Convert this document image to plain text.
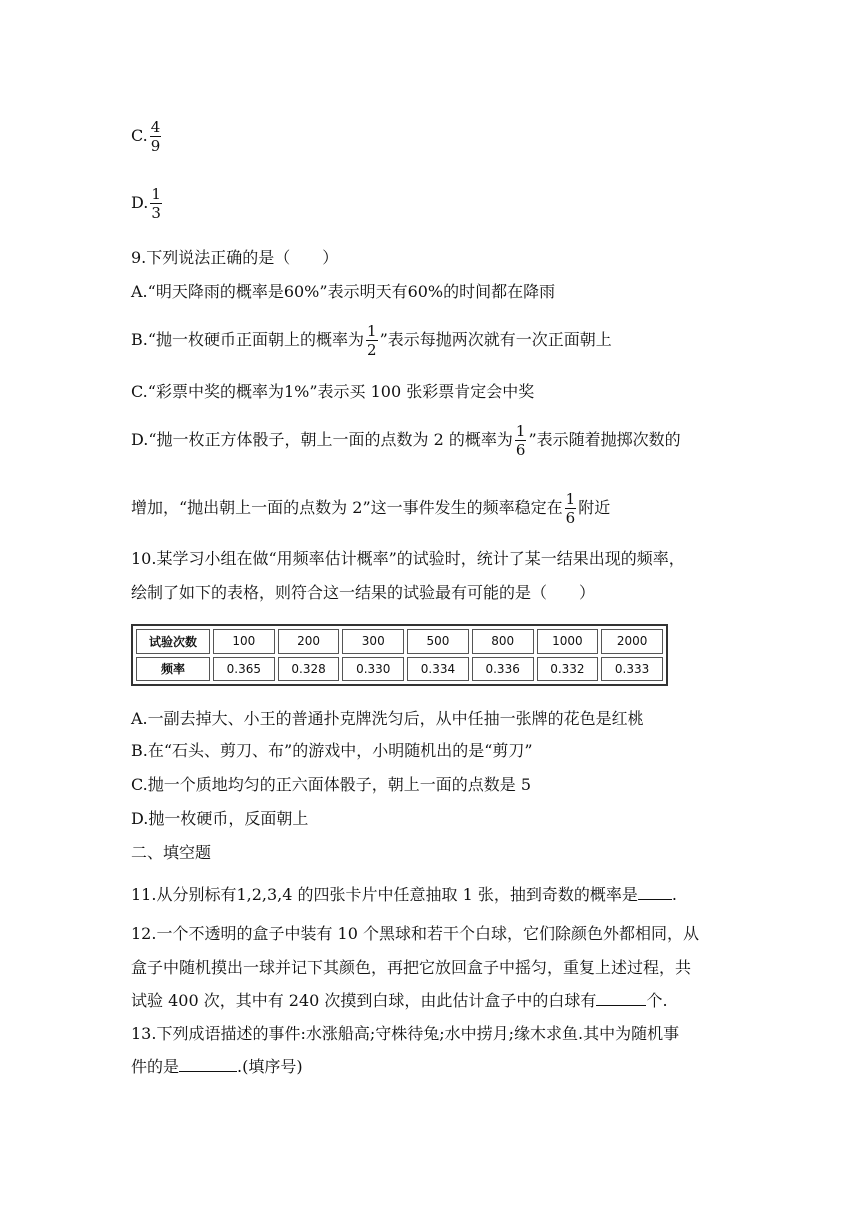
C. $\frac{4}{9}$
D. $\frac{1}{3}$
9.下列说法正确的是（　　）
A.“明天降雨的概率是60%”表示明天有60%的时间都在降雨
B.“抛一枚硬币正面朝上的概率为 $\frac{1}{2}$ ”表示每抛两次就有一次正面朝上
C.“彩票中奖的概率为1%”表示买 100 张彩票肯定会中奖
D.“抛一枚正方体骰子，朝上一面的点数为 2 的概率为 $\frac{1}{6}$ ”表示随着抛掷次数的
增加，“抛出朝上一面的点数为 2”这一事件发生的频率稳定在 $\frac{1}{6}$ 附近
10.某学习小组在做“用频率估计概率”的试验时，统计了某一结果出现的频率，
绘制了如下的表格，则符合这一结果的试验最有可能的是（　　）
试验次数	100	200	300	500	800	1000	2000
频率	0.365	0.328	0.330	0.334	0.336	0.332	0.333
A.一副去掉大、小王的普通扑克牌洗匀后，从中任抽一张牌的花色是红桃
B.在“石头、剪刀、布”的游戏中，小明随机出的是“剪刀”
C.抛一个质地均匀的正六面体骰子，朝上一面的点数是 5
D.抛一枚硬币，反面朝上
二、填空题
11.从分别标有1,2,3,4 的四张卡片中任意抽取 1 张，抽到奇数的概率是 .
12.一个不透明的盒子中装有 10 个黑球和若干个白球，它们除颜色外都相同，从
盒子中随机摸出一球并记下其颜色，再把它放回盒子中摇匀，重复上述过程，共
试验 400 次，其中有 240 次摸到白球，由此估计盒子中的白球有	个.
13.下列成语描述的事件:水涨船高;守株待兔;水中捞月;缘木求鱼.其中为随机事
件的是	.(填序号)
